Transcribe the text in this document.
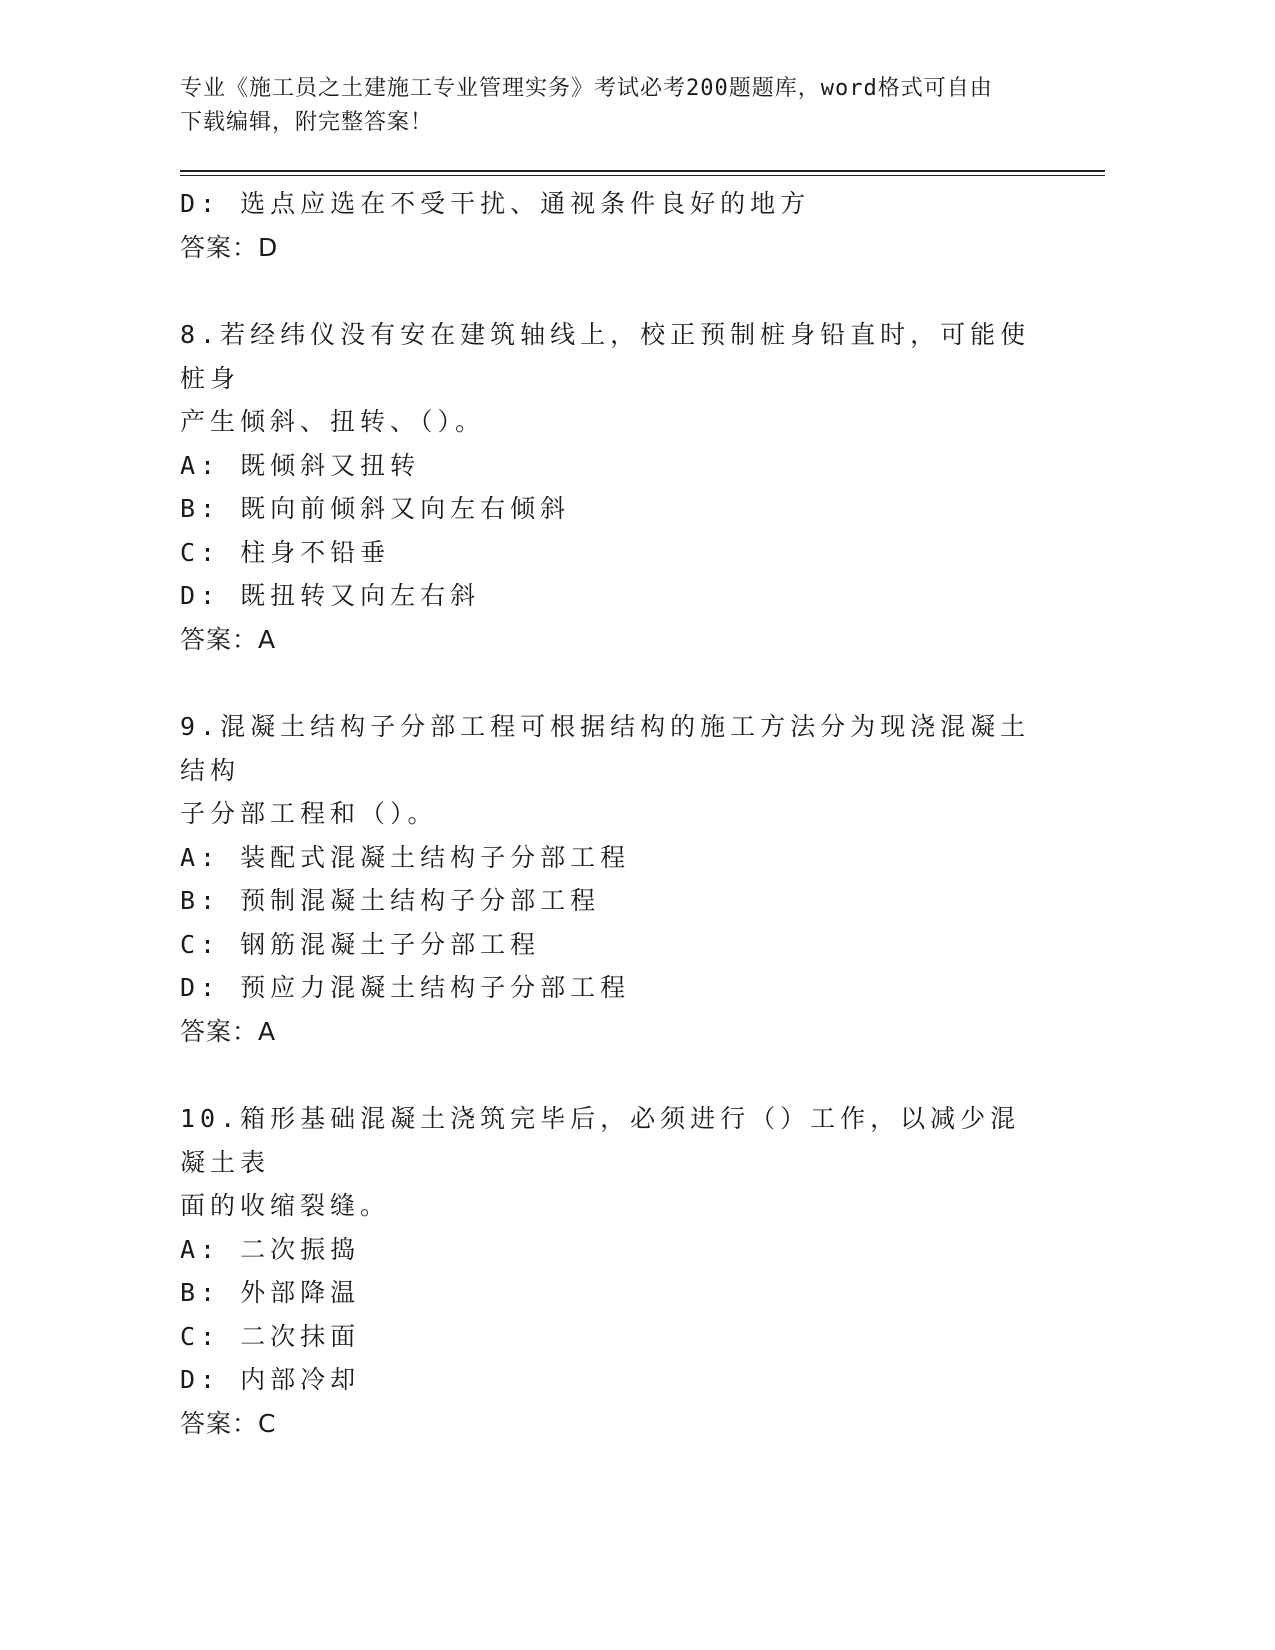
专业《施工员之土建施工专业管理实务》考试必考200题题库，word格式可自由
下载编辑，附完整答案！
D: 选点应选在不受干扰、通视条件良好的地方
答案：D
8.若经纬仪没有安在建筑轴线上，校正预制桩身铅直时，可能使桩身
产生倾斜、扭转、（）。
A: 既倾斜又扭转
B: 既向前倾斜又向左右倾斜
C: 柱身不铅垂
D: 既扭转又向左右斜
答案：A
9.混凝土结构子分部工程可根据结构的施工方法分为现浇混凝土结构
子分部工程和（）。
A: 装配式混凝土结构子分部工程
B: 预制混凝土结构子分部工程
C: 钢筋混凝土子分部工程
D: 预应力混凝土结构子分部工程
答案：A
10.箱形基础混凝土浇筑完毕后，必须进行（）工作，以减少混凝土表
面的收缩裂缝。
A: 二次振捣
B: 外部降温
C: 二次抹面
D: 内部冷却
答案：C
